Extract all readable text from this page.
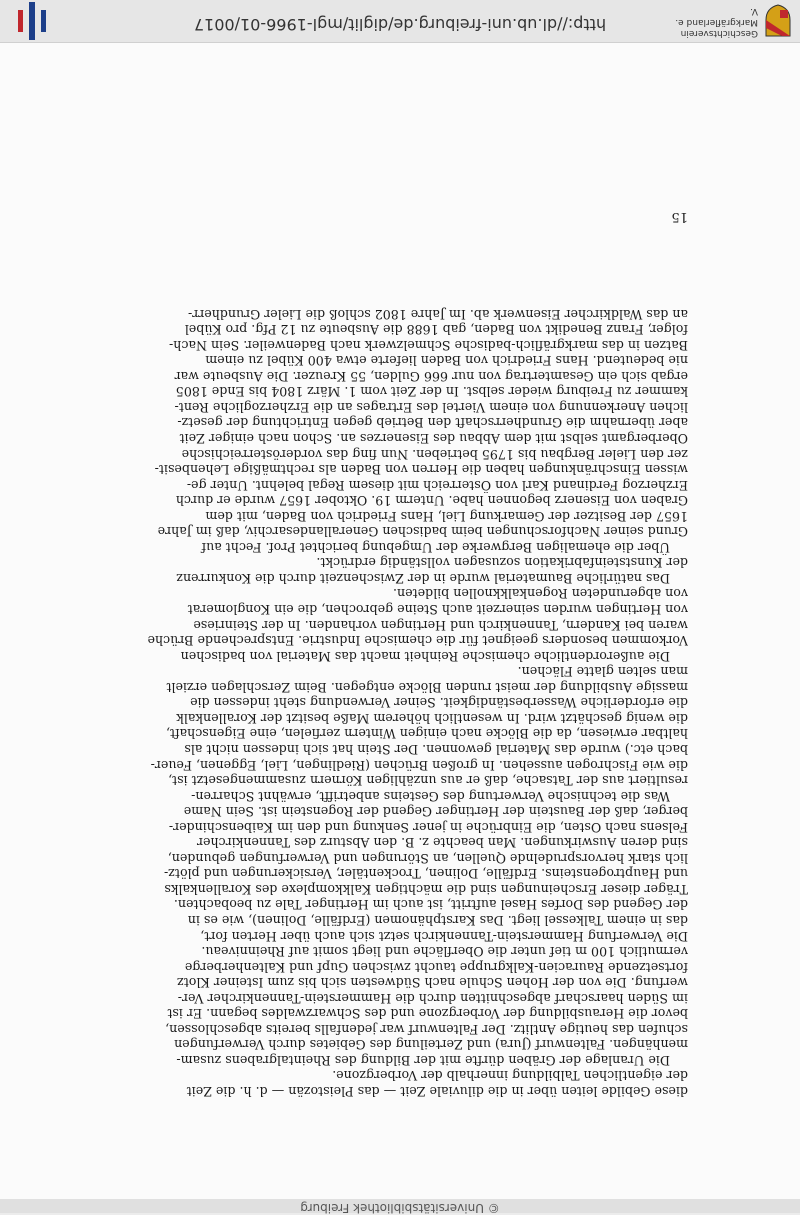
© Universitätsbibliothek Freiburg
diese Gebilde leiten über in die diluviale Zeit — das Pleistozän — d. h. die Zeit
der eigentlichen Talbildung innerhalb der Vorbergzone.
Die Uranlage der Gräben dürfte mit der Bildung des Rheintalgrabens zusam-
menhängen. Faltenwurf (Jura) und Zerteilung des Gebietes durch Verwerfungen
schufen das heutige Antlitz. Der Faltenwurf war jedenfalls bereits abgeschlossen,
bevor die Herausbildung der Vorbergzone und des Schwarzwaldes begann. Er ist
im Süden haarscharf abgeschnitten durch die Hammerstein-Tannenkircher Ver-
werfung. Die von der Hohen Schule nach Südwesten sich bis zum Isteiner Klotz
fortsetzende Rauracien-Kalkgruppe taucht zwischen Gupf und Kaltenherberge
vermutlich 100 m tief unter die Oberfläche und liegt somit auf Rheinniveau.
Die Verwerfung Hammerstein-Tannenkirch setzt sich auch über Herten fort,
das in einem Talkessel liegt. Das Karstphänomen (Erdfälle, Dolinen), wie es in
der Gegend des Dorfes Hasel auftritt, ist auch im Hertinger Tale zu beobachten.
Träger dieser Erscheinungen sind die mächtigen Kalkkomplexe des Korallenkalks
und Hauptrogensteins. Erdfälle, Dolinen, Trockentäler, Versickerungen und plötz-
lich stark hervorsprudelnde Quellen, an Störungen und Verwerfungen gebunden,
sind deren Auswirkungen. Man beachte z. B. den Absturz des Tannenkircher
Felsens nach Osten, die Einbrüche in jener Senkung und den im Kaibenschinder-
berger, daß der Baustein der Hertinger Gegend der Rogenstein ist. Sein Name
Was die technische Verwertung des Gesteins anbetrifft, erwähnt Scharren-
resultiert aus der Tatsache, daß er aus unzähligen Körnern zusammengesetzt ist,
die wie Fischrogen aussehen. In großen Brüchen (Riedlingen, Liel, Eggenen, Feuer-
bach etc.) wurde das Material gewonnen. Der Stein hat sich indessen nicht als
haltbar erwiesen, da die Blöcke nach einigen Wintern zerfielen, eine Eigenschaft,
die wenig geschätzt wird. In wesentlich höherem Maße besitzt der Korallenkalk
die erforderliche Wasserbeständigkeit. Seiner Verwendung steht indessen die
massige Ausbildung der meist runden Blöcke entgegen. Beim Zerschlagen erzielt
man selten glatte Flächen.
Die außerordentliche chemische Reinheit macht das Material von badischen
Vorkommen besonders geeignet für die chemische Industrie. Entsprechende Brüche
waren bei Kandern, Tannenkirch und Hertingen vorhanden. In der Steinriese
von Hertingen wurden seinerzeit auch Steine gebrochen, die ein Konglomerat
von abgerundeten Rogenkalkknollen bildeten.
Das natürliche Baumaterial wurde in der Zwischenzeit durch die Konkurrenz
der Kunststeinfabrikation sozusagen vollständig erdrückt.
Über die ehemaligen Bergwerke der Umgebung berichtet Prof. Fecht auf
Grund seiner Nachforschungen beim badischen Generallandesarchiv, daß im Jahre
1657 der Besitzer der Gemarkung Liel, Hans Friedrich von Baden, mit dem
Graben von Eisenerz begonnen habe. Unterm 19. Oktober 1657 wurde er durch
Erzherzog Ferdinand Karl von Österreich mit diesem Regal belehnt. Unter ge-
wissen Einschränkungen haben die Herren von Baden als rechtmäßige Lehenbesit-
zer den Lieler Bergbau bis 1795 betrieben. Nun fing das vorderösterreichische
Oberbergamt selbst mit dem Abbau des Eisenerzes an. Schon nach einiger Zeit
aber übernahm die Grundherrschaft den Betrieb gegen Entrichtung der gesetz-
lichen Anerkennung von einem Viertel des Ertrages an die Erzherzogliche Rent-
kammer zu Freiburg wieder selbst. In der Zeit vom 1. März 1804 bis Ende 1805
ergab sich ein Gesamtertrag von nur 666 Gulden, 55 Kreuzer. Die Ausbeute war
nie bedeutend. Hans Friedrich von Baden lieferte etwa 400 Kübel zu einem
Batzen in das markgräflich-badische Schmelzwerk nach Badenweiler. Sein Nach-
folger, Franz Benedikt von Baden, gab 1688 die Ausbeute zu 12 Pfg. pro Kübel
an das Waldkircher Eisenwerk ab. Im Jahre 1802 schloß die Lieler Grundherr-
15
Geschichtsverein
Markgräflerland e. V.
http://dl.ub.uni-freiburg.de/diglit/mgl-1966-01/0017
